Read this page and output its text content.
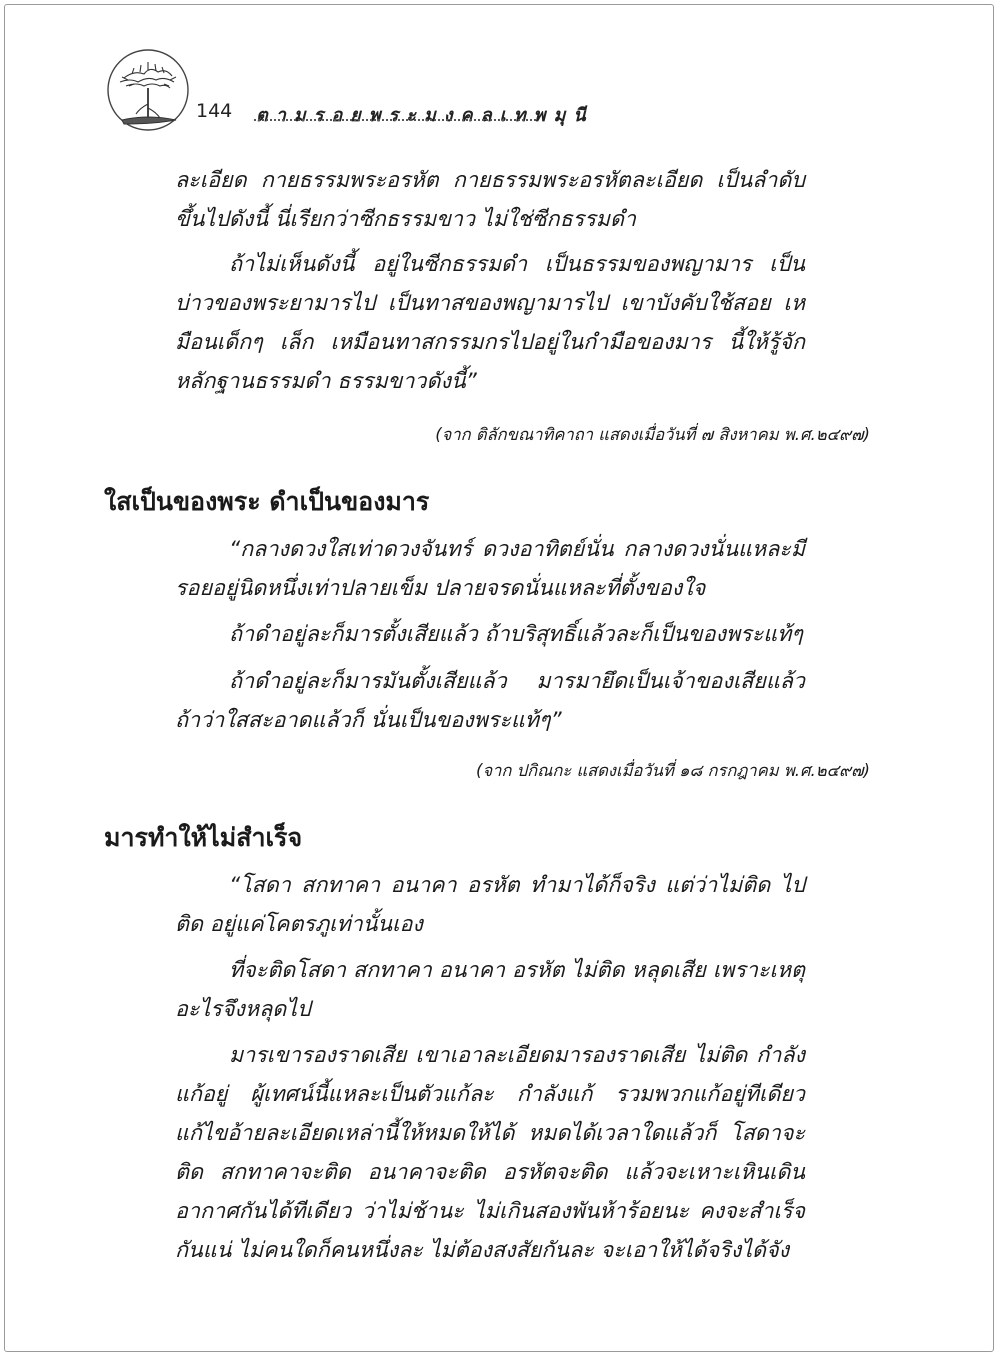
144 ตามรอยพระมงคลเทพมุนี

ละเอียด กายธรรมพระอรหัต กายธรรมพระอรหัตละเอียด เป็นลำดับขึ้นไปดังนี้ นี่เรียกว่าซีกธรรมขาว ไม่ใช่ซีกธรรมดำ

ถ้าไม่เห็นดังนี้ อยู่ในซีกธรรมดำ เป็นธรรมของพญามาร เป็นบ่าวของพระยามารไป เป็นทาสของพญามารไป เขาบังคับใช้สอย เหมือนเด็กๆ เล็ก เหมือนทาสกรรมกรไปอยู่ในกำมือของมาร นี้ให้รู้จักหลักฐานธรรมดำ ธรรมขาวดังนี้”

(จาก ติลักขณาทิคาถา แสดงเมื่อวันที่ ๗ สิงหาคม พ.ศ.๒๔๙๗)

ใสเป็นของพระ ดำเป็นของมาร

“กลางดวงใสเท่าดวงจันทร์ ดวงอาทิตย์นั่น กลางดวงนั่นแหละมีรอยอยู่นิดหนึ่งเท่าปลายเข็ม ปลายจรดนั่นแหละที่ตั้งของใจ

ถ้าดำอยู่ละก็มารตั้งเสียแล้ว ถ้าบริสุทธิ์แล้วละก็เป็นของพระแท้ๆ

ถ้าดำอยู่ละก็มารมันตั้งเสียแล้ว มารมายึดเป็นเจ้าของเสียแล้ว ถ้าว่าใสสะอาดแล้วก็ นั่นเป็นของพระแท้ๆ”

(จาก ปกิณกะ แสดงเมื่อวันที่ ๑๘ กรกฎาคม พ.ศ.๒๔๙๗)

มารทำให้ไม่สำเร็จ

“โสดา สกทาคา อนาคา อรหัต ทำมาได้ก็จริง แต่ว่าไม่ติด ไปติด อยู่แค่โคตรภูเท่านั้นเอง

ที่จะติดโสดา สกทาคา อนาคา อรหัต ไม่ติด หลุดเสีย เพราะเหตุอะไรจึงหลุดไป

มารเขารองราดเสีย เขาเอาละเอียดมารองราดเสีย ไม่ติด กำลังแก้อยู่ ผู้เทศน์นี้แหละเป็นตัวแก้ละ กำลังแก้ รวมพวกแก้อยู่ทีเดียว แก้ไขอ้ายละเอียดเหล่านี้ให้หมดให้ได้ หมดได้เวลาใดแล้วก็ โสดาจะติด สกทาคาจะติด อนาคาจะติด อรหัตจะติด แล้วจะเหาะเหินเดินอากาศกันได้ทีเดียว ว่าไม่ช้านะ ไม่เกินสองพันห้าร้อยนะ คงจะสำเร็จกันแน่ ไม่คนใดก็คนหนึ่งละ ไม่ต้องสงสัยกันละ จะเอาให้ได้จริงได้จัง
